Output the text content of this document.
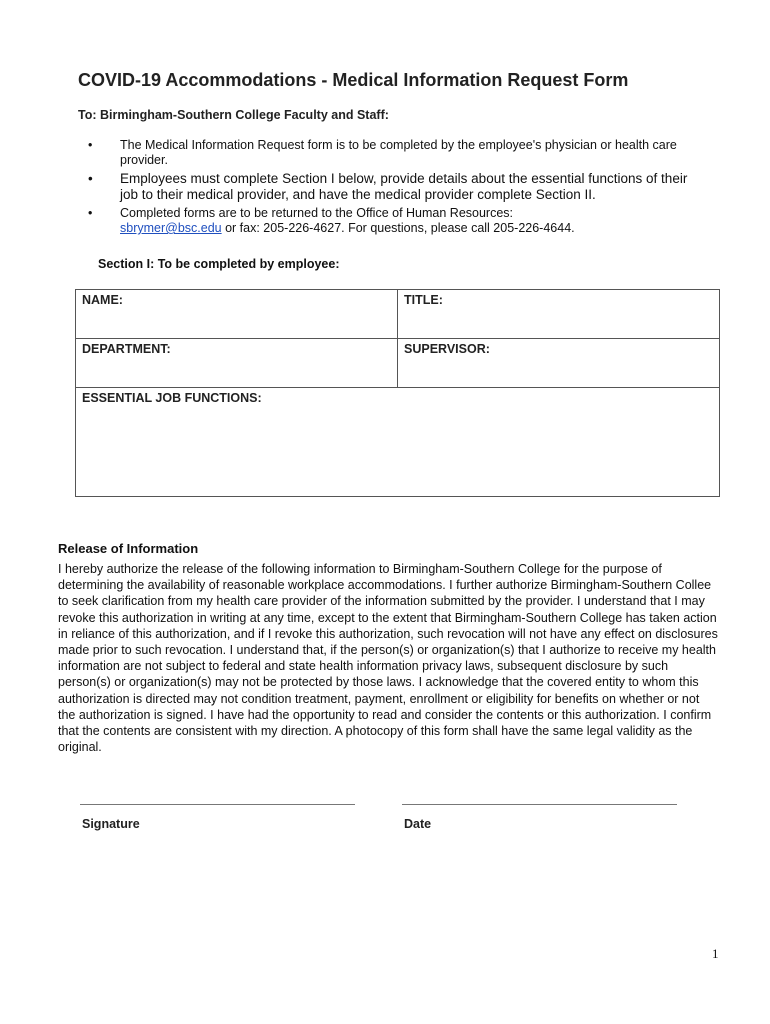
COVID-19 Accommodations - Medical Information Request Form
To: Birmingham-Southern College Faculty and Staff:
• The Medical Information Request form is to be completed by the employee's physician or health care provider.
• Employees must complete Section I below, provide details about the essential functions of their job to their medical provider, and have the medical provider complete Section II.
• Completed forms are to be returned to the Office of Human Resources:
sbrymer@bsc.edu or fax: 205-226-4627. For questions, please call 205-226-4644.
Section I: To be completed by employee:
NAME:	TITLE:
DEPARTMENT:	SUPERVISOR:
ESSENTIAL JOB FUNCTIONS:	
Release of Information

I hereby authorize the release of the following information to Birmingham-Southern College for the purpose of determining the availability of reasonable workplace accommodations. I further authorize Birmingham-Southern Collee to seek clarification from my health care provider of the information submitted by the provider. I understand that I may revoke this authorization in writing at any time, except to the extent that Birmingham-Southern College has taken action in reliance of this authorization, and if I revoke this authorization, such revocation will not have any effect on disclosures made prior to such revocation. I understand that, if the person(s) or organization(s) that I authorize to receive my health information are not subject to federal and state health information privacy laws, subsequent disclosure by such person(s) or organization(s) may not be protected by those laws. I acknowledge that the covered entity to whom this authorization is directed may not condition treatment, payment, enrollment or eligibility for benefits on whether or not the authorization is signed. I have had the opportunity to read and consider the contents or this authorization. I confirm that the contents are consistent with my direction. A photocopy of this form shall have the same legal validity as the original.

Signature	Date
1
